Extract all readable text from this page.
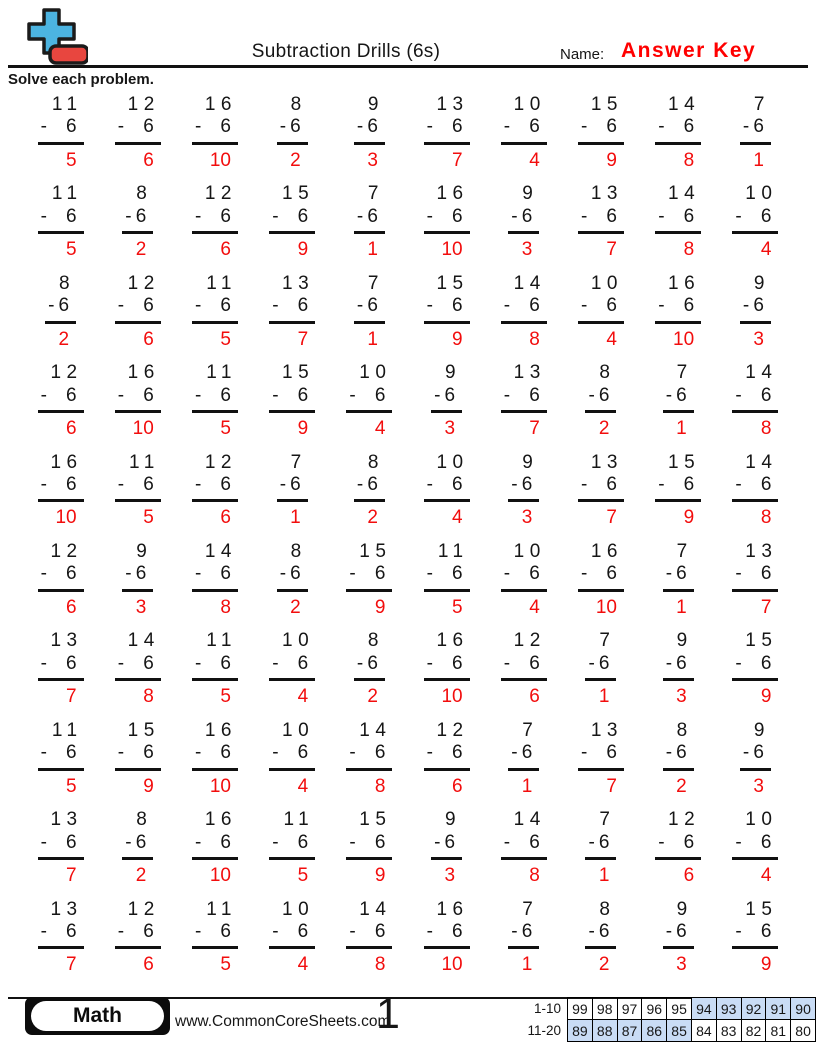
Subtraction Drills (6s)	Name: Answer Key
Solve each problem.
11
- 6
5
12
- 6
6
16
- 6
10
8
- 6
2
9
- 6
3
13
- 6
7
10
- 6
4
15
- 6
9
14
- 6
8
7
- 6
1
11
- 6
5
8
- 6
2
12
- 6
6
15
- 6
9
7
- 6
1
16
- 6
10
9
- 6
3
13
- 6
7
14
- 6
8
10
- 6
4
8
- 6
2
12
- 6
6
11
- 6
5
13
- 6
7
7
- 6
1
15
- 6
9
14
- 6
8
10
- 6
4
16
- 6
10
9
- 6
3
12
- 6
6
16
- 6
10
11
- 6
5
15
- 6
9
10
- 6
4
9
- 6
3
13
- 6
7
8
- 6
2
7
- 6
1
14
- 6
8
16
- 6
10
11
- 6
5
12
- 6
6
7
- 6
1
8
- 6
2
10
- 6
4
9
- 6
3
13
- 6
7
15
- 6
9
14
- 6
8
12
- 6
6
9
- 6
3
14
- 6
8
8
- 6
2
15
- 6
9
11
- 6
5
10
- 6
4
16
- 6
10
7
- 6
1
13
- 6
7
13
- 6
7
14
- 6
8
11
- 6
5
10
- 6
4
8
- 6
2
16
- 6
10
12
- 6
6
7
- 6
1
9
- 6
3
15
- 6
9
11
- 6
5
15
- 6
9
16
- 6
10
10
- 6
4
14
- 6
8
12
- 6
6
7
- 6
1
13
- 6
7
8
- 6
2
9
- 6
3
13
- 6
7
8
- 6
2
16
- 6
10
11
- 6
5
15
- 6
9
9
- 6
3
14
- 6
8
7
- 6
1
12
- 6
6
10
- 6
4
13
- 6
7
12
- 6
6
11
- 6
5
10
- 6
4
14
- 6
8
16
- 6
10
7
- 6
1
8
- 6
2
9
- 6
3
15
- 6
9
Math	www.CommonCoreSheets.com
1	1-10	99	98	97	96	95	94	93	92	91	90
11-20	89	88	87	86	85	84	83	82	81	80
